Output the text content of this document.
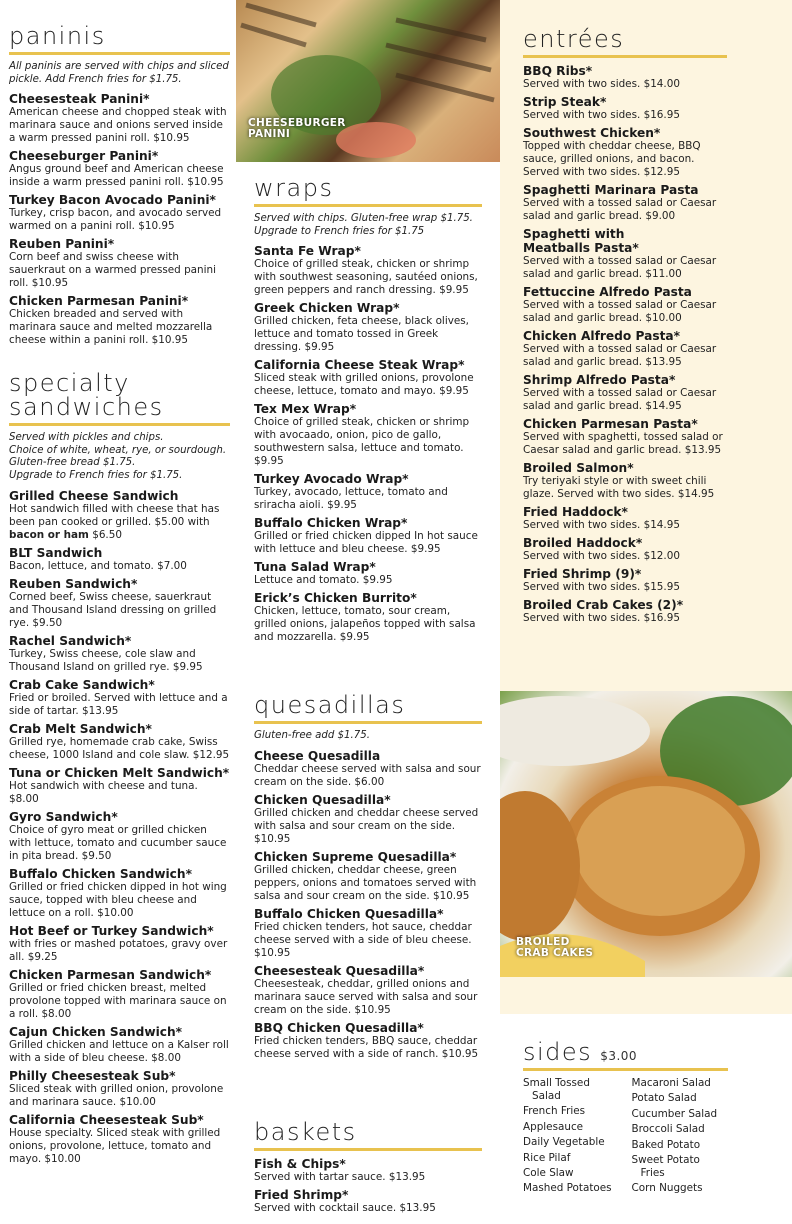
paninis
All paninis are served with chips and sliced pickle. Add French fries for $1.75.
Cheesesteak Panini*
American cheese and chopped steak with marinara sauce and onions served inside a warm pressed panini roll. $10.95
Cheeseburger Panini*
Angus ground beef and American cheese inside a warm pressed panini roll. $10.95
Turkey Bacon Avocado Panini*
Turkey, crisp bacon, and avocado served warmed on a panini roll. $10.95
Reuben Panini*
Corn beef and swiss cheese with sauerkraut on a warmed pressed panini roll. $10.95
Chicken Parmesan Panini*
Chicken breaded and served with marinara sauce and melted mozzarella cheese within a panini roll. $10.95
specialty
sandwiches
Served with pickles and chips.
Choice of white, wheat, rye, or sourdough.
Gluten-free bread $1.75.
Upgrade to French fries for $1.75.
Grilled Cheese Sandwich
Hot sandwich filled with cheese that has been pan cooked or grilled. $5.00 with bacon or ham $6.50
BLT Sandwich
Bacon, lettuce, and tomato. $7.00
Reuben Sandwich*
Corned beef, Swiss cheese, sauerkraut and Thousand Island dressing on grilled rye. $9.50
Rachel Sandwich*
Turkey, Swiss cheese, cole slaw and Thousand Island on grilled rye. $9.95
Crab Cake Sandwich*
Fried or broiled. Served with lettuce and a side of tartar. $13.95
Crab Melt Sandwich*
Grilled rye, homemade crab cake, Swiss cheese, 1000 Island and cole slaw. $12.95
Tuna or Chicken Melt Sandwich*
Hot sandwich with cheese and tuna. $8.00
Gyro Sandwich*
Choice of gyro meat or grilled chicken with lettuce, tomato and cucumber sauce in pita bread. $9.50
Buffalo Chicken Sandwich*
Grilled or fried chicken dipped in hot wing sauce, topped with bleu cheese and lettuce on a roll. $10.00
Hot Beef or Turkey Sandwich*
with fries or mashed potatoes, gravy over all. $9.25
Chicken Parmesan Sandwich*
Grilled or fried chicken breast, melted provolone topped with marinara sauce on a roll. $8.00
Cajun Chicken Sandwich*
Grilled chicken and lettuce on a Kalser roll with a side of bleu cheese. $8.00
Philly Cheesesteak Sub*
Sliced steak with grilled onion, provolone and marinara sauce. $10.00
California Cheesesteak Sub*
House specialty. Sliced steak with grilled onions, provolone, lettuce, tomato and mayo. $10.00
CHEESEBURGER
PANINI
wraps
Served with chips. Gluten-free wrap $1.75.
Upgrade to French fries for $1.75
Santa Fe Wrap*
Choice of grilled steak, chicken or shrimp with southwest seasoning, sautéed onions, green peppers and ranch dressing. $9.95
Greek Chicken Wrap*
Grilled chicken, feta cheese, black olives, lettuce and tomato tossed in Greek dressing. $9.95
California Cheese Steak Wrap*
Sliced steak with grilled onions, provolone cheese, lettuce, tomato and mayo. $9.95
Tex Mex Wrap*
Choice of grilled steak, chicken or shrimp with avocaado, onion, pico de gallo, southwestern salsa, lettuce and tomato. $9.95
Turkey Avocado Wrap*
Turkey, avocado, lettuce, tomato and sriracha aioli. $9.95
Buffalo Chicken Wrap*
Grilled or fried chicken dipped In hot sauce with lettuce and bleu cheese. $9.95
Tuna Salad Wrap*
Lettuce and tomato. $9.95
Erick’s Chicken Burrito*
Chicken, lettuce, tomato, sour cream, grilled onions, jalapeños topped with salsa and mozzarella. $9.95
quesadillas
Gluten-free add $1.75.
Cheese Quesadilla
Cheddar cheese served with salsa and sour cream on the side. $6.00
Chicken Quesadilla*
Grilled chicken and cheddar cheese served with salsa and sour cream on the side. $10.95
Chicken Supreme Quesadilla*
Grilled chicken, cheddar cheese, green peppers, onions and tomatoes served with salsa and sour cream on the side. $10.95
Buffalo Chicken Quesadilla*
Fried chicken tenders, hot sauce, cheddar cheese served with a side of bleu cheese. $10.95
Cheesesteak Quesadilla*
Cheesesteak, cheddar, grilled onions and marinara sauce served with salsa and sour cream on the side. $10.95
BBQ Chicken Quesadilla*
Fried chicken tenders, BBQ sauce, cheddar cheese served with a side of ranch. $10.95
baskets
Fish & Chips*
Served with tartar sauce. $13.95
Fried Shrimp*
Served with cocktail sauce. $13.95
entrées
BBQ Ribs*
Served with two sides. $14.00
Strip Steak*
Served with two sides. $16.95
Southwest Chicken*
Topped with cheddar cheese, BBQ sauce, grilled onions, and bacon. Served with two sides. $12.95
Spaghetti Marinara Pasta
Served with a tossed salad or Caesar salad and garlic bread. $9.00
Spaghetti with Meatballs Pasta*
Served with a tossed salad or Caesar salad and garlic bread. $11.00
Fettuccine Alfredo Pasta
Served with a tossed salad or Caesar salad and garlic bread. $10.00
Chicken Alfredo Pasta*
Served with a tossed salad or Caesar salad and garlic bread. $13.95
Shrimp Alfredo Pasta*
Served with a tossed salad or Caesar salad and garlic bread. $14.95
Chicken Parmesan Pasta*
Served with spaghetti, tossed salad or Caesar salad and garlic bread. $13.95
Broiled Salmon*
Try teriyaki style or with sweet chili glaze. Served with two sides. $14.95
Fried Haddock*
Served with two sides. $14.95
Broiled Haddock*
Served with two sides. $12.00
Fried Shrimp (9)*
Served with two sides. $15.95
Broiled Crab Cakes (2)*
Served with two sides. $16.95
BROILED
CRAB CAKES
sides $3.00
Small Tossed
Salad
French Fries
Applesauce
Daily Vegetable
Rice Pilaf
Cole Slaw
Mashed Potatoes
Macaroni Salad
Potato Salad
Cucumber Salad
Broccoli Salad
Baked Potato
Sweet Potato
Fries
Corn Nuggets
